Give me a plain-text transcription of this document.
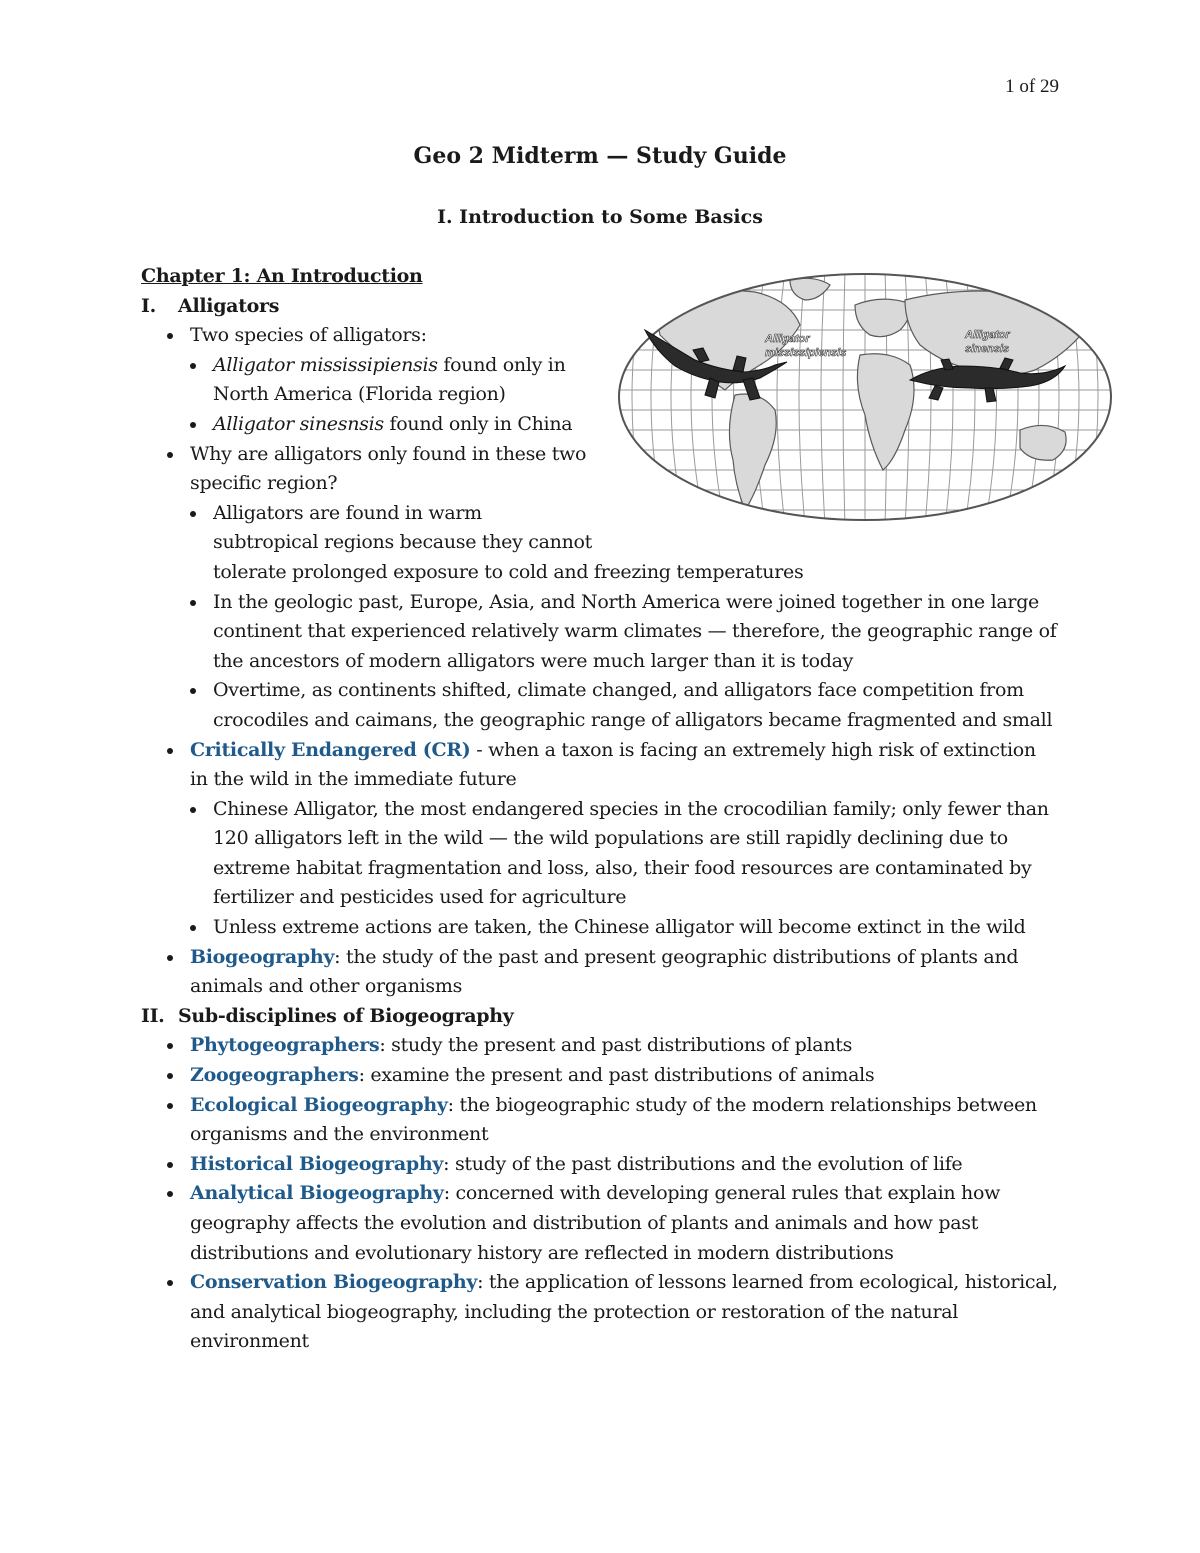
1 of 29
Geo 2 Midterm — Study Guide
I. Introduction to Some Basics
Alligator
mississipiensis
Alligator
sinensis
Chapter 1: An Introduction
I. Alligators
Two species of alligators:
Alligator mississipiensis found only in
North America (Florida region)
Alligator sinesnsis found only in China
Why are alligators only found in these two
specific region?
Alligators are found in warm
subtropical regions because they cannot
tolerate prolonged exposure to cold and freezing temperatures
In the geologic past, Europe, Asia, and North America were joined together in one large
continent that experienced relatively warm climates — therefore, the geographic range of
the ancestors of modern alligators were much larger than it is today
Overtime, as continents shifted, climate changed, and alligators face competition from
crocodiles and caimans, the geographic range of alligators became fragmented and small
Critically Endangered (CR) - when a taxon is facing an extremely high risk of extinction
in the wild in the immediate future
Chinese Alligator, the most endangered species in the crocodilian family; only fewer than
120 alligators left in the wild — the wild populations are still rapidly declining due to
extreme habitat fragmentation and loss, also, their food resources are contaminated by
fertilizer and pesticides used for agriculture
Unless extreme actions are taken, the Chinese alligator will become extinct in the wild
Biogeography: the study of the past and present geographic distributions of plants and
animals and other organisms
II. Sub-disciplines of Biogeography
Phytogeographers: study the present and past distributions of plants
Zoogeographers: examine the present and past distributions of animals
Ecological Biogeography: the biogeographic study of the modern relationships between
organisms and the environment
Historical Biogeography: study of the past distributions and the evolution of life
Analytical Biogeography: concerned with developing general rules that explain how
geography affects the evolution and distribution of plants and animals and how past
distributions and evolutionary history are reflected in modern distributions
Conservation Biogeography: the application of lessons learned from ecological, historical,
and analytical biogeography, including the protection or restoration of the natural
environment
